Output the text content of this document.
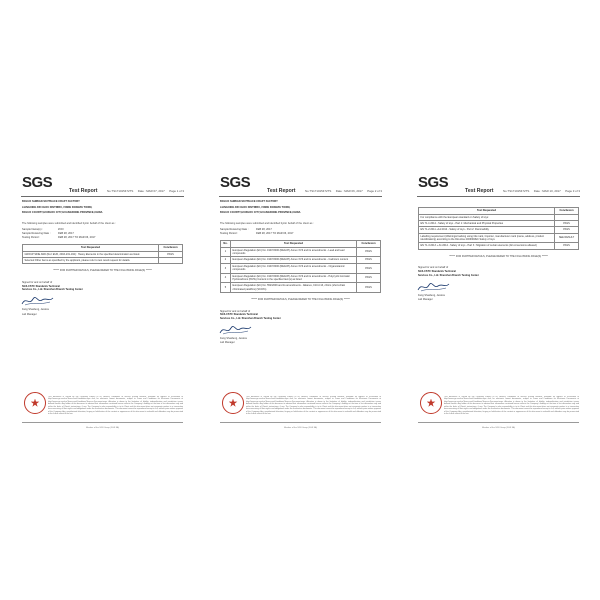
SGS	Test Report	No.TS171015472TS Date : MAR 07, 2017 Page 1 of 3
BOLUO SHIBIAN SKYPEACE CRAFT FACTORY
LIANGXING DR CHOU DISTRIBU, FINDE DONGPA TOWN,
BOLUO COUNTY,HUIZHOU CITY,GUANGDONG PROVINCE,CHINA
The following samples were submitted and identified by/on behalf of the client as :
Sample Name(s) :	ZOO
Sample Receiving Date :	FEB 28, 2017
Testing Period :	FEB 28, 2017 TO MAR 06, 2017
Test Requested	Conclusion
GROUP SINE AND (Ref. EUR, 2016-231-192) : Heavy Elements in the specified determination as listed.	PASS
Selected Other Items as specified by the applicant, please refer to test result request for details.	
****** FOR FURTHER DETAILS, PLEASE REFER TO THE FOLLOWING PAGE(S) ******
Signed for and on behalf of
SGS-CSTC Standards Technical
Services Co., Ltd. Shenzhen Branch Testing Center
Fang Shaofeng, Jessica
Lab Manager
This document is issued by the Company subject to its General Conditions of Service printed overleaf, available on request or accessible at http://www.sgs.com/en/Terms-and-Conditions.aspx and, for electronic format documents, subject to Terms and Conditions for Electronic Documents at http://www.sgs.com/en/Terms-and-Conditions/Terms-e-Document.aspx. Attention is drawn to the limitation of liability, indemnification and jurisdiction issues defined therein. Any holder of this document is advised that information contained hereon reflects the Company's findings at the time of its intervention only and within the limits of Client's instructions, if any. The Company's sole responsibility is to its Client and this document does not exonerate parties to a transaction from exercising all their rights and obligations under the transaction documents. This document cannot be reproduced except in full, without prior written approval of the Company. Any unauthorized alteration, forgery or falsification of the content or appearance of this document is unlawful and offenders may be prosecuted to the fullest extent of the law.
Member of the SGS Group (SGS SA)
SGS	Test Report	No.TS171015472TS Date : MAR 06, 2017 Page 2 of 3
BOLUO SHIBIAN SKYPEACE CRAFT FACTORY
LIANGXING DR CHOU DISTRIBU, FINDE DONGPA TOWN,
BOLUO COUNTY,HUIZHOU CITY,GUANGDONG PROVINCE,CHINA
The following samples were submitted and identified by/on behalf of the client as :
Sample Receiving Date :	FEB 28, 2017
Testing Period :	FEB 28, 2017 TO MAR 06, 2017
No.	Test Requested	Conclusion
1	European Regulation (EC) No. 1907/2006 (REACH) Annex XVII and its amendments - Lead and lead compounds	PASS
2	European Regulation (EC) No. 1907/2006 (REACH) Annex XVII and its amendments - Cadmium content	PASS
3	European Regulation (EC) No. 1907/2006 (REACH) Annex XVII and its amendments - Organostannic compounds	PASS
4	European Regulation (EC) No. 1907/2006 (REACH) Annex XVII and its amendments - Polycyclic Aromatic Hydrocarbons (PAHs) Content in the specified item(s) as listed	PASS
5	European Regulation (EC) No. 552/2009 and its amendments - Alkanes, C10-C13, chloro (short-chain chlorinated paraffins) (SCCPs)	PASS
****** FOR FURTHER DETAILS, PLEASE REFER TO THE FOLLOWING PAGE(S) ******
Signed for and on behalf of
SGS-CSTC Standards Technical
Services Co., Ltd. Shenzhen Branch Testing Center
Fang Shaofeng, Jessica
Lab Manager
This document is issued by the Company subject to its General Conditions of Service printed overleaf, available on request or accessible at http://www.sgs.com/en/Terms-and-Conditions.aspx and, for electronic format documents, subject to Terms and Conditions for Electronic Documents at http://www.sgs.com/en/Terms-and-Conditions/Terms-e-Document.aspx. Attention is drawn to the limitation of liability, indemnification and jurisdiction issues defined therein. Any holder of this document is advised that information contained hereon reflects the Company's findings at the time of its intervention only and within the limits of Client's instructions, if any. The Company's sole responsibility is to its Client and this document does not exonerate parties to a transaction from exercising all their rights and obligations under the transaction documents. This document cannot be reproduced except in full, without prior written approval of the Company. Any unauthorized alteration, forgery or falsification of the content or appearance of this document is unlawful and offenders may be prosecuted to the fullest extent of the law.
Member of the SGS Group (SGS SA)
SGS	Test Report	No.TS171015472TS Date : MAR 10, 2017 Page 3 of 3
Test Requested	Conclusion
For compliance with the European standard on Safety of toys:	
EN 71-1:2014 - Safety of toys - Part 1: Mechanical and Physical Properties	PASS
EN 71-2:2011 +A1:2014 - Safety of toys - Part 2: Flammability	PASS
Labelling requirement (Warnings/marking using CE mark, Importer, manufacturer mark (name, address, product identification)) according to the Directive 2009/48/EC Safety of toys	SEE RESULT
EN 71-3:2013 + A1:2014 - Safety of toys - Part 3 : Migration of certain elements (All conversions allowed)	PASS
****** FOR FURTHER DETAILS, PLEASE REFER TO THE FOLLOWING PAGE(S) ******
Signed for and on behalf of
SGS-CSTC Standards Technical
Services Co., Ltd. Shenzhen Branch Testing Center
Fang Shaofeng, Jessica
Lab Manager
This document is issued by the Company subject to its General Conditions of Service printed overleaf, available on request or accessible at http://www.sgs.com/en/Terms-and-Conditions.aspx and, for electronic format documents, subject to Terms and Conditions for Electronic Documents at http://www.sgs.com/en/Terms-and-Conditions/Terms-e-Document.aspx. Attention is drawn to the limitation of liability, indemnification and jurisdiction issues defined therein. Any holder of this document is advised that information contained hereon reflects the Company's findings at the time of its intervention only and within the limits of Client's instructions, if any. The Company's sole responsibility is to its Client and this document does not exonerate parties to a transaction from exercising all their rights and obligations under the transaction documents. This document cannot be reproduced except in full, without prior written approval of the Company. Any unauthorized alteration, forgery or falsification of the content or appearance of this document is unlawful and offenders may be prosecuted to the fullest extent of the law.
Member of the SGS Group (SGS SA)
